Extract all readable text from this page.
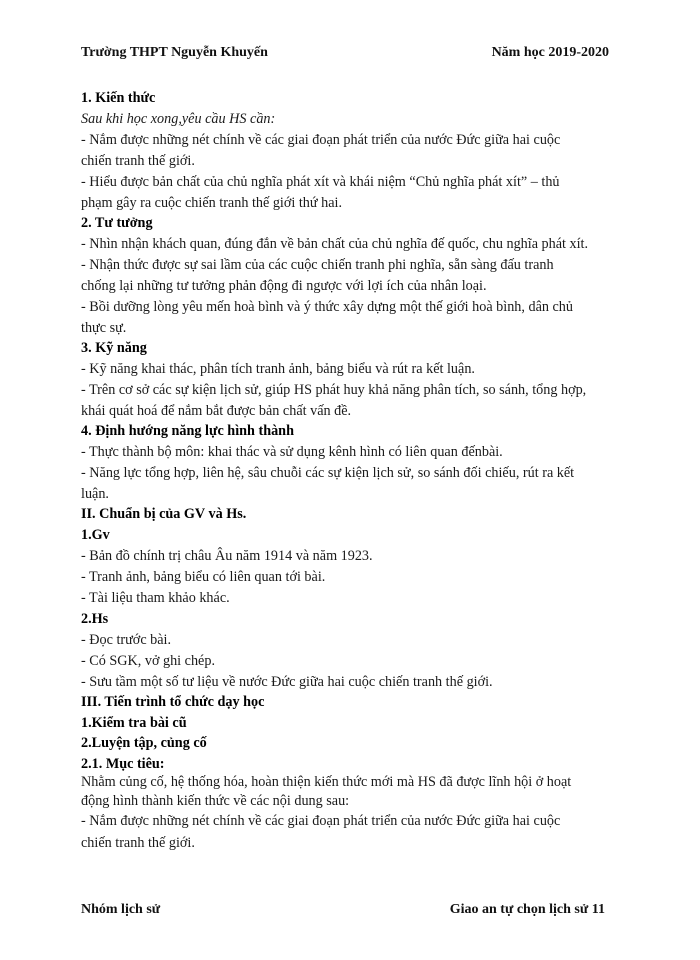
Trường THPT Nguyễn Khuyến	Năm học 2019-2020
1. Kiến thức
Sau khi học xong,yêu cầu HS cần:
- Nắm được những nét chính về các giai đoạn phát triển của nước Đức giữa hai cuộc
chiến tranh thế giới.
- Hiểu được bản chất của chủ nghĩa phát xít và khái niệm “Chủ nghĩa phát xít” – thủ
phạm gây ra cuộc chiến tranh thế giới thứ hai.
2. Tư tưởng
- Nhìn nhận khách quan, đúng đắn về bản chất của chủ nghĩa đế quốc, chu nghĩa phát xít.
- Nhận thức được sự sai lầm của các cuộc chiến tranh phi nghĩa, sẵn sàng đấu tranh
chống lại những tư tưởng phản động đi ngược với lợi ích của nhân loại.
- Bồi dưỡng lòng yêu mến hoà bình và ý thức xây dựng một thế giới hoà bình, dân chủ
thực sự.
3. Kỹ năng
- Kỹ năng khai thác, phân tích tranh ảnh, bảng biểu và rút ra kết luận.
- Trên cơ sở các sự kiện lịch sử, giúp HS phát huy khả năng phân tích, so sánh, tổng hợp,
khái quát hoá để nắm bắt được bản chất vấn đề.
4. Định hướng năng lực hình thành
- Thực thành bộ môn: khai thác và sử dụng kênh hình có liên quan đếnbài.
- Năng lực tổng hợp, liên hệ, sâu chuỗi các sự kiện lịch sử, so sánh đối chiếu, rút ra kết
luận.
II. Chuẩn bị của GV và Hs.
1.Gv
- Bản đồ chính trị châu Âu năm 1914 và năm 1923.
- Tranh ảnh, bảng biểu có liên quan tới bài.
- Tài liệu tham khảo khác.
2.Hs
- Đọc trước bài.
- Có SGK, vở ghi chép.
- Sưu tầm một số tư liệu về nước Đức giữa hai cuộc chiến tranh thế giới.
III. Tiến trình tổ chức dạy học
1.Kiểm tra bài cũ
2.Luyện tập, củng cố
2.1. Mục tiêu:
Nhằm củng cố, hệ thống hóa, hoàn thiện kiến thức mới mà HS đã được lĩnh hội ở hoạt
động hình thành kiến thức về các nội dung sau:
- Nắm được những nét chính về các giai đoạn phát triển của nước Đức giữa hai cuộc
chiến tranh thế giới.
Nhóm lịch sử	Giao an tự chọn lịch sử 11
